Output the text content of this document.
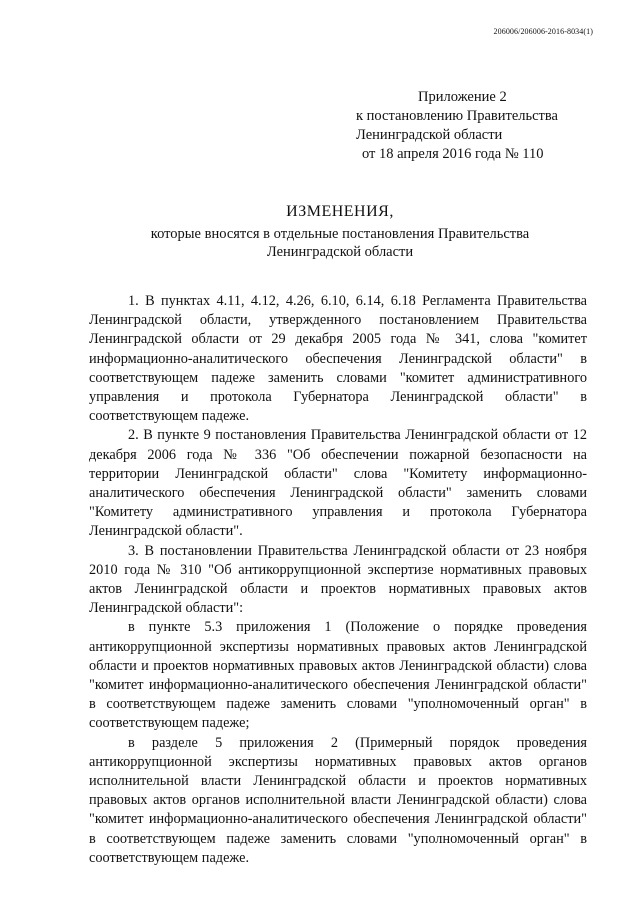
206006/206006-2016-8034(1)
Приложение 2
к постановлению Правительства
Ленинградской области
от 18 апреля 2016 года № 110
ИЗМЕНЕНИЯ,
которые вносятся в отдельные постановления Правительства
Ленинградской области

1. В пунктах 4.11, 4.12, 4.26, 6.10, 6.14, 6.18 Регламента Правительства Ленинградской области, утвержденного постановлением Правительства Ленинградской области от 29 декабря 2005 года № 341, слова "комитет информационно-аналитического обеспечения Ленинградской области" в соответствующем падеже заменить словами "комитет административного управления и протокола Губернатора Ленинградской области" в соответствующем падеже.

2. В пункте 9 постановления Правительства Ленинградской области от 12 декабря 2006 года № 336 "Об обеспечении пожарной безопасности на территории Ленинградской области" слова "Комитету информационно-аналитического обеспечения Ленинградской области" заменить словами "Комитету административного управления и протокола Губернатора Ленинградской области".

3. В постановлении Правительства Ленинградской области от 23 ноября 2010 года № 310 "Об антикоррупционной экспертизе нормативных правовых актов Ленинградской области и проектов нормативных правовых актов Ленинградской области":

в пункте 5.3 приложения 1 (Положение о порядке проведения антикоррупционной экспертизы нормативных правовых актов Ленинградской области и проектов нормативных правовых актов Ленинградской области) слова "комитет информационно-аналитического обеспечения Ленинградской области" в соответствующем падеже заменить словами "уполномоченный орган" в соответствующем падеже;

в разделе 5 приложения 2 (Примерный порядок проведения антикоррупционной экспертизы нормативных правовых актов органов исполнительной власти Ленинградской области и проектов нормативных правовых актов органов исполнительной власти Ленинградской области) слова "комитет информационно-аналитического обеспечения Ленинградской области" в соответствующем падеже заменить словами "уполномоченный орган" в соответствующем падеже.
